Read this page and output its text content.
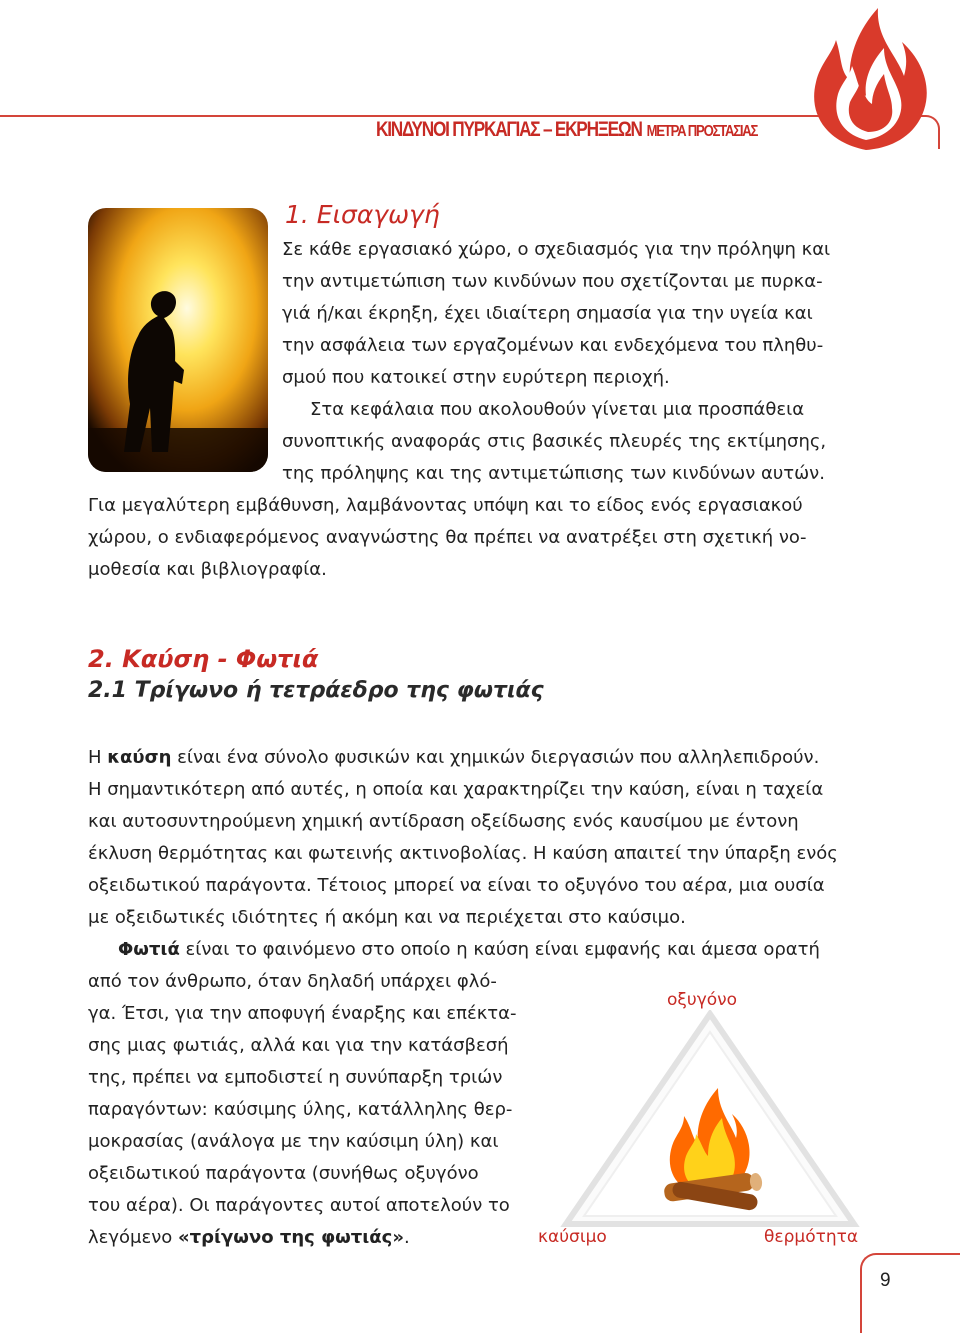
ΚΙΝΔΥΝΟΙ ΠΥΡΚΑΓΙΑΣ – ΕΚΡΗΞΕΩΝ ΜΕΤΡΑ ΠΡΟΣΤΑΣΙΑΣ
1. Εισαγωγή
Σε κάθε εργασιακό χώρο, ο σχεδιασμός για την πρόληψη και
την αντιμετώπιση των κινδύνων που σχετίζονται με πυρκα-
γιά ή/και έκρηξη, έχει ιδιαίτερη σημασία για την υγεία και
την ασφάλεια των εργαζομένων και ενδεχόμενα του πληθυ-
σμού που κατοικεί στην ευρύτερη περιοχή.
Στα κεφάλαια που ακολουθούν γίνεται μια προσπάθεια
συνοπτικής αναφοράς στις βασικές πλευρές της εκτίμησης,
της πρόληψης και της αντιμετώπισης των κινδύνων αυτών.
Για μεγαλύτερη εμβάθυνση, λαμβάνοντας υπόψη και το είδος ενός εργασιακού
χώρου, ο ενδιαφερόμενος αναγνώστης θα πρέπει να ανατρέξει στη σχετική νο-
μοθεσία και βιβλιογραφία.
2. Καύση - Φωτιά
2.1 Τρίγωνο ή τετράεδρο της φωτιάς
Η καύση είναι ένα σύνολο φυσικών και χημικών διεργασιών που αλληλεπιδρούν.
Η σημαντικότερη από αυτές, η οποία και χαρακτηρίζει την καύση, είναι η ταχεία
και αυτοσυντηρούμενη χημική αντίδραση οξείδωσης ενός καυσίμου με έντονη
έκλυση θερμότητας και φωτεινής ακτινοβολίας. Η καύση απαιτεί την ύπαρξη ενός
οξειδωτικού παράγοντα. Τέτοιος μπορεί να είναι το οξυγόνο του αέρα, μια ουσία
με οξειδωτικές ιδιότητες ή ακόμη και να περιέχεται στο καύσιμο.
Φωτιά είναι το φαινόμενο στο οποίο η καύση είναι εμφανής και άμεσα ορατή
από τον άνθρωπο, όταν δηλαδή υπάρχει φλό-
γα. Έτσι, για την αποφυγή έναρξης και επέκτα-
σης μιας φωτιάς, αλλά και για την κατάσβεσή
της, πρέπει να εμποδιστεί η συνύπαρξη τριών
παραγόντων: καύσιμης ύλης, κατάλληλης θερ-
μοκρασίας (ανάλογα με την καύσιμη ύλη) και
οξειδωτικού παράγοντα (συνήθως οξυγόνο
του αέρα). Οι παράγοντες αυτοί αποτελούν το
λεγόμενο «τρίγωνο της φωτιάς».
οξυγόνο
καύσιμο	θερμότητα
9
